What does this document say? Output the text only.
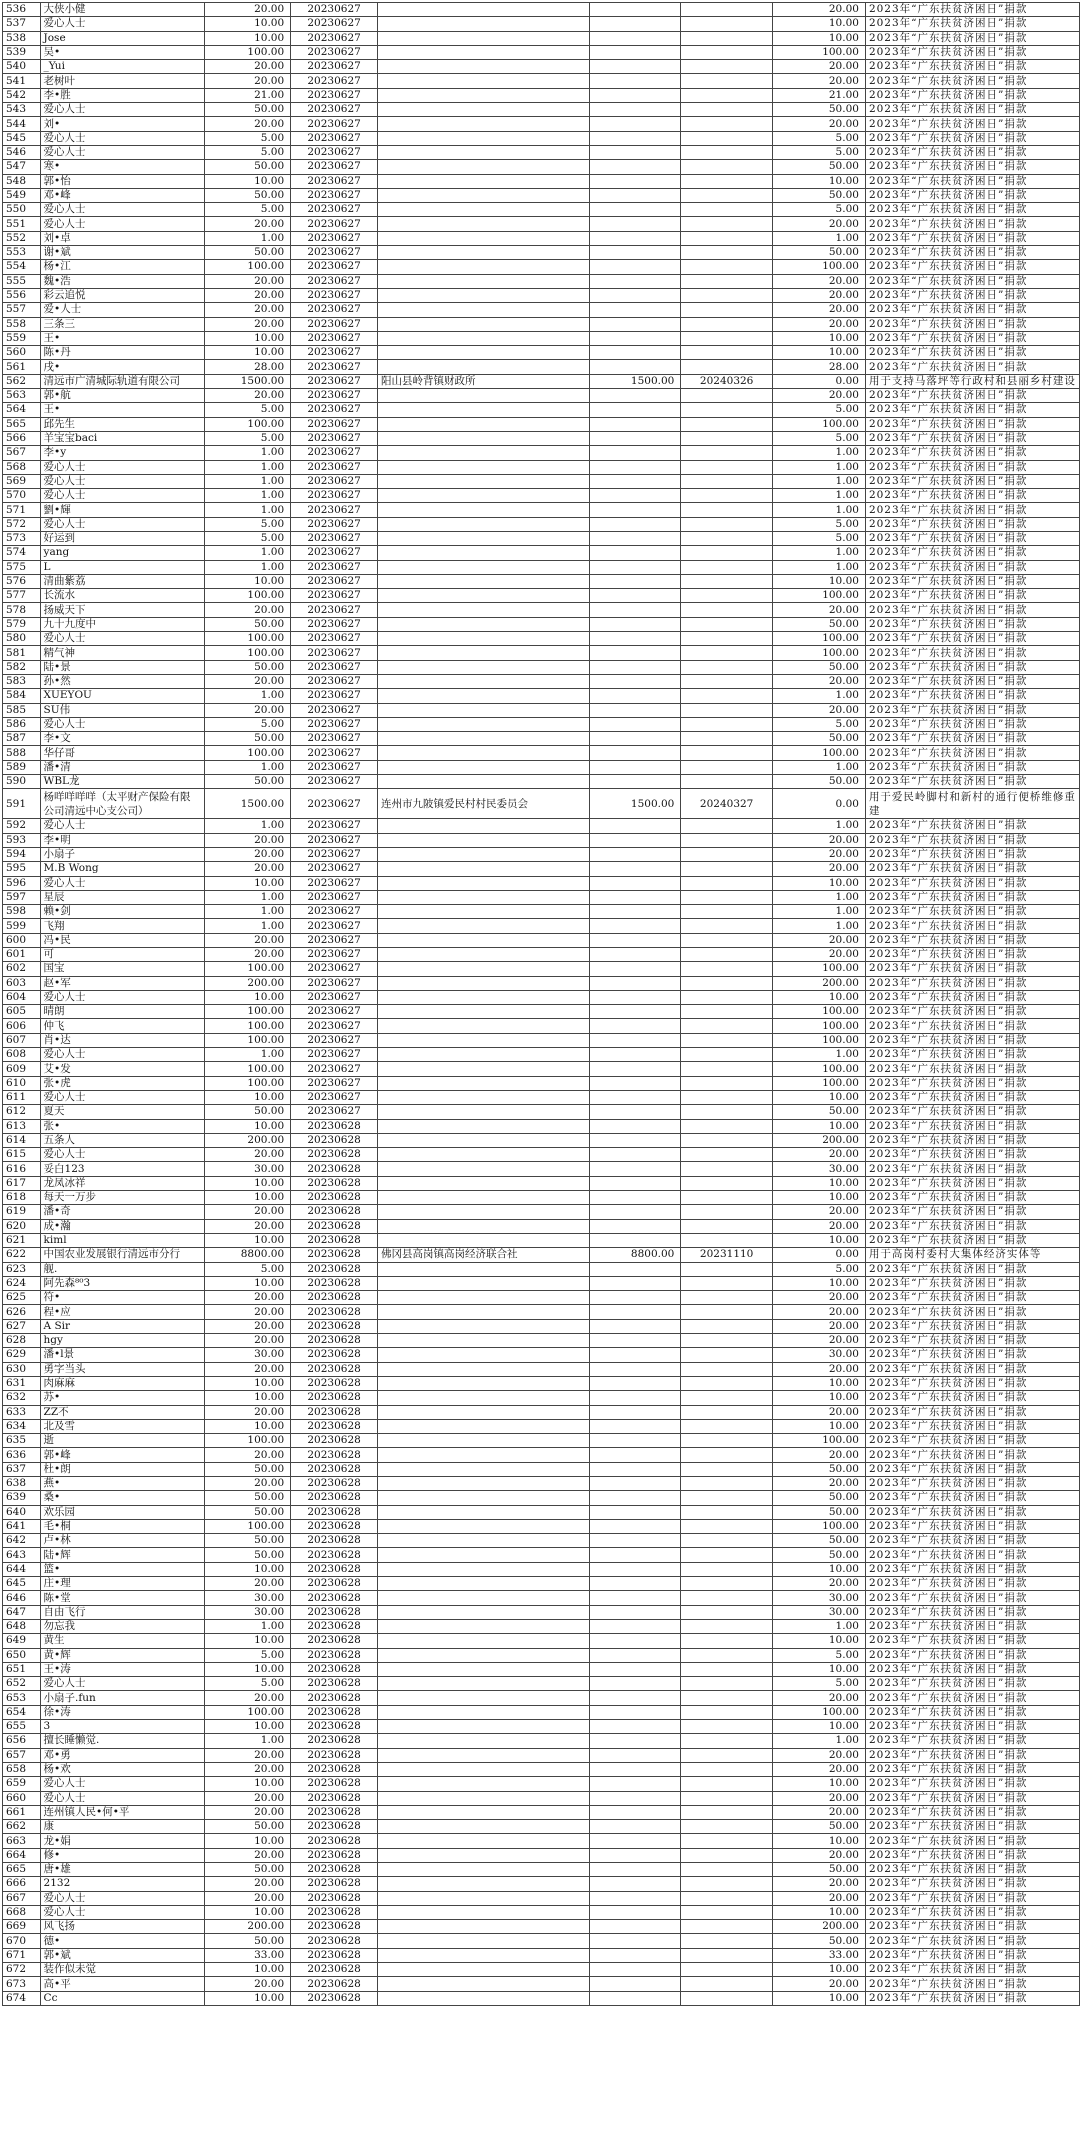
536	大侠小健	20.00	20230627				20.00	2023年“广东扶贫济困日”捐款
537	爱心人士	10.00	20230627				10.00	2023年“广东扶贫济困日”捐款
538	Jose	10.00	20230627				10.00	2023年“广东扶贫济困日”捐款
539	吴•	100.00	20230627				100.00	2023年“广东扶贫济困日”捐款
540	_Yui	20.00	20230627				20.00	2023年“广东扶贫济困日”捐款
541	老树叶	20.00	20230627				20.00	2023年“广东扶贫济困日”捐款
542	李•胜	21.00	20230627				21.00	2023年“广东扶贫济困日”捐款
543	爱心人士	50.00	20230627				50.00	2023年“广东扶贫济困日”捐款
544	刘•	20.00	20230627				20.00	2023年“广东扶贫济困日”捐款
545	爱心人士	5.00	20230627				5.00	2023年“广东扶贫济困日”捐款
546	爱心人士	5.00	20230627				5.00	2023年“广东扶贫济困日”捐款
547	寒•	50.00	20230627				50.00	2023年“广东扶贫济困日”捐款
548	郭•怡	10.00	20230627				10.00	2023年“广东扶贫济困日”捐款
549	邓•峰	50.00	20230627				50.00	2023年“广东扶贫济困日”捐款
550	爱心人士	5.00	20230627				5.00	2023年“广东扶贫济困日”捐款
551	爱心人士	20.00	20230627				20.00	2023年“广东扶贫济困日”捐款
552	刘•卓	1.00	20230627				1.00	2023年“广东扶贫济困日”捐款
553	谢•斌	50.00	20230627				50.00	2023年“广东扶贫济困日”捐款
554	杨•江	100.00	20230627				100.00	2023年“广东扶贫济困日”捐款
555	魏•浩	20.00	20230627				20.00	2023年“广东扶贫济困日”捐款
556	彩云追悦	20.00	20230627				20.00	2023年“广东扶贫济困日”捐款
557	爱•人士	20.00	20230627				20.00	2023年“广东扶贫济困日”捐款
558	三条三	20.00	20230627				20.00	2023年“广东扶贫济困日”捐款
559	王•	10.00	20230627				10.00	2023年“广东扶贫济困日”捐款
560	陈•丹	10.00	20230627				10.00	2023年“广东扶贫济困日”捐款
561	戌•	28.00	20230627				28.00	2023年“广东扶贫济困日”捐款
562	清远市广清城际轨道有限公司	1500.00	20230627	阳山县岭背镇财政所	1500.00	20240326	0.00	用于支持马落坪等行政村和县丽乡村建设
563	郭•航	20.00	20230627				20.00	2023年“广东扶贫济困日”捐款
564	王•	5.00	20230627				5.00	2023年“广东扶贫济困日”捐款
565	邱先生	100.00	20230627				100.00	2023年“广东扶贫济困日”捐款
566	羊宝宝baci	5.00	20230627				5.00	2023年“广东扶贫济困日”捐款
567	李•y	1.00	20230627				1.00	2023年“广东扶贫济困日”捐款
568	爱心人士	1.00	20230627				1.00	2023年“广东扶贫济困日”捐款
569	爱心人士	1.00	20230627				1.00	2023年“广东扶贫济困日”捐款
570	爱心人士	1.00	20230627				1.00	2023年“广东扶贫济困日”捐款
571	劉•輝	1.00	20230627				1.00	2023年“广东扶贫济困日”捐款
572	爱心人士	5.00	20230627				5.00	2023年“广东扶贫济困日”捐款
573	好运到	5.00	20230627				5.00	2023年“广东扶贫济困日”捐款
574	yang	1.00	20230627				1.00	2023年“广东扶贫济困日”捐款
575	L	1.00	20230627				1.00	2023年“广东扶贫济困日”捐款
576	清曲紫荔	10.00	20230627				10.00	2023年“广东扶贫济困日”捐款
577	长流水	100.00	20230627				100.00	2023年“广东扶贫济困日”捐款
578	扬威天下	20.00	20230627				20.00	2023年“广东扶贫济困日”捐款
579	九十九度中	50.00	20230627				50.00	2023年“广东扶贫济困日”捐款
580	爱心人士	100.00	20230627				100.00	2023年“广东扶贫济困日”捐款
581	精气神	100.00	20230627				100.00	2023年“广东扶贫济困日”捐款
582	陆•景	50.00	20230627				50.00	2023年“广东扶贫济困日”捐款
583	孙•然	20.00	20230627				20.00	2023年“广东扶贫济困日”捐款
584	XUEYOU	1.00	20230627				1.00	2023年“广东扶贫济困日”捐款
585	SU伟	20.00	20230627				20.00	2023年“广东扶贫济困日”捐款
586	爱心人士	5.00	20230627				5.00	2023年“广东扶贫济困日”捐款
587	李•文	50.00	20230627				50.00	2023年“广东扶贫济困日”捐款
588	华仔哥	100.00	20230627				100.00	2023年“广东扶贫济困日”捐款
589	潘•清	1.00	20230627				1.00	2023年“广东扶贫济困日”捐款
590	WBL龙	50.00	20230627				50.00	2023年“广东扶贫济困日”捐款
591	杨咩咩咩咩（太平财产保险有限公司清远中心支公司）	1500.00	20230627	连州市九陂镇爱民村村民委员会	1500.00	20240327	0.00	用于爱民岭脚村和新村的通行便桥维修重建
592	爱心人士	1.00	20230627				1.00	2023年“广东扶贫济困日”捐款
593	李•明	20.00	20230627				20.00	2023年“广东扶贫济困日”捐款
594	小扇子	20.00	20230627				20.00	2023年“广东扶贫济困日”捐款
595	M.B Wong	20.00	20230627				20.00	2023年“广东扶贫济困日”捐款
596	爱心人士	10.00	20230627				10.00	2023年“广东扶贫济困日”捐款
597	星辰	1.00	20230627				1.00	2023年“广东扶贫济困日”捐款
598	赖•剑	1.00	20230627				1.00	2023年“广东扶贫济困日”捐款
599	飞翔	1.00	20230627				1.00	2023年“广东扶贫济困日”捐款
600	冯•民	20.00	20230627				20.00	2023年“广东扶贫济困日”捐款
601	可	20.00	20230627				20.00	2023年“广东扶贫济困日”捐款
602	国宝	100.00	20230627				100.00	2023年“广东扶贫济困日”捐款
603	赵•军	200.00	20230627				200.00	2023年“广东扶贫济困日”捐款
604	爱心人士	10.00	20230627				10.00	2023年“广东扶贫济困日”捐款
605	晴朗	100.00	20230627				100.00	2023年“广东扶贫济困日”捐款
606	仲飞	100.00	20230627				100.00	2023年“广东扶贫济困日”捐款
607	肖•达	100.00	20230627				100.00	2023年“广东扶贫济困日”捐款
608	爱心人士	1.00	20230627				1.00	2023年“广东扶贫济困日”捐款
609	艾•发	100.00	20230627				100.00	2023年“广东扶贫济困日”捐款
610	张•虎	100.00	20230627				100.00	2023年“广东扶贫济困日”捐款
611	爱心人士	10.00	20230627				10.00	2023年“广东扶贫济困日”捐款
612	夏天	50.00	20230627				50.00	2023年“广东扶贫济困日”捐款
613	张•	10.00	20230628				10.00	2023年“广东扶贫济困日”捐款
614	五条人	200.00	20230628				200.00	2023年“广东扶贫济困日”捐款
615	爱心人士	20.00	20230628				20.00	2023年“广东扶贫济困日”捐款
616	妥白123	30.00	20230628				30.00	2023年“广东扶贫济困日”捐款
617	龙凤冰祥	10.00	20230628				10.00	2023年“广东扶贫济困日”捐款
618	每天一万步	10.00	20230628				10.00	2023年“广东扶贫济困日”捐款
619	潘•奇	20.00	20230628				20.00	2023年“广东扶贫济困日”捐款
620	成•瀚	20.00	20230628				20.00	2023年“广东扶贫济困日”捐款
621	kiml	10.00	20230628				10.00	2023年“广东扶贫济困日”捐款
622	中国农业发展银行清远市分行	8800.00	20230628	佛冈县高岗镇高岗经济联合社	8800.00	20231110	0.00	用于高岗村委村大集体经济实体等
623	舰.	5.00	20230628				5.00	2023年“广东扶贫济困日”捐款
624	阿先森⁸⁰3	10.00	20230628				10.00	2023年“广东扶贫济困日”捐款
625	符•	20.00	20230628				20.00	2023年“广东扶贫济困日”捐款
626	程•应	20.00	20230628				20.00	2023年“广东扶贫济困日”捐款
627	A Sir	20.00	20230628				20.00	2023年“广东扶贫济困日”捐款
628	hgy	20.00	20230628				20.00	2023年“广东扶贫济困日”捐款
629	潘•l景	30.00	20230628				30.00	2023年“广东扶贫济困日”捐款
630	勇字当头	20.00	20230628				20.00	2023年“广东扶贫济困日”捐款
631	肉麻麻	10.00	20230628				10.00	2023年“广东扶贫济困日”捐款
632	苏•	10.00	20230628				10.00	2023年“广东扶贫济困日”捐款
633	ZZ不	20.00	20230628				20.00	2023年“广东扶贫济困日”捐款
634	北及雪	10.00	20230628				10.00	2023年“广东扶贫济困日”捐款
635	逝	100.00	20230628				100.00	2023年“广东扶贫济困日”捐款
636	郭•峰	20.00	20230628				20.00	2023年“广东扶贫济困日”捐款
637	杜•朗	50.00	20230628				50.00	2023年“广东扶贫济困日”捐款
638	燕•	20.00	20230628				20.00	2023年“广东扶贫济困日”捐款
639	桑•	50.00	20230628				50.00	2023年“广东扶贫济困日”捐款
640	欢乐园	50.00	20230628				50.00	2023年“广东扶贫济困日”捐款
641	毛•桐	100.00	20230628				100.00	2023年“广东扶贫济困日”捐款
642	卢•林	50.00	20230628				50.00	2023年“广东扶贫济困日”捐款
643	陆•辉	50.00	20230628				50.00	2023年“广东扶贫济困日”捐款
644	篮•	10.00	20230628				10.00	2023年“广东扶贫济困日”捐款
645	庄•理	20.00	20230628				20.00	2023年“广东扶贫济困日”捐款
646	陈•堂	30.00	20230628				30.00	2023年“广东扶贫济困日”捐款
647	自由飞行	30.00	20230628				30.00	2023年“广东扶贫济困日”捐款
648	勿忘我	1.00	20230628				1.00	2023年“广东扶贫济困日”捐款
649	黄生	10.00	20230628				10.00	2023年“广东扶贫济困日”捐款
650	黄•辉	5.00	20230628				5.00	2023年“广东扶贫济困日”捐款
651	王•涛	10.00	20230628				10.00	2023年“广东扶贫济困日”捐款
652	爱心人士	5.00	20230628				5.00	2023年“广东扶贫济困日”捐款
653	小扇子.fun	20.00	20230628				20.00	2023年“广东扶贫济困日”捐款
654	徐•涛	100.00	20230628				100.00	2023年“广东扶贫济困日”捐款
655	3	10.00	20230628				10.00	2023年“广东扶贫济困日”捐款
656	擅长睡懒觉.	1.00	20230628				1.00	2023年“广东扶贫济困日”捐款
657	邓•勇	20.00	20230628				20.00	2023年“广东扶贫济困日”捐款
658	杨•欢	20.00	20230628				20.00	2023年“广东扶贫济困日”捐款
659	爱心人士	10.00	20230628				10.00	2023年“广东扶贫济困日”捐款
660	爱心人士	20.00	20230628				20.00	2023年“广东扶贫济困日”捐款
661	连州镇人民•何•平	20.00	20230628				20.00	2023年“广东扶贫济困日”捐款
662	康	50.00	20230628				50.00	2023年“广东扶贫济困日”捐款
663	龙•娟	10.00	20230628				10.00	2023年“广东扶贫济困日”捐款
664	修•	20.00	20230628				20.00	2023年“广东扶贫济困日”捐款
665	唐•雄	50.00	20230628				50.00	2023年“广东扶贫济困日”捐款
666	2132	20.00	20230628				20.00	2023年“广东扶贫济困日”捐款
667	爱心人士	20.00	20230628				20.00	2023年“广东扶贫济困日”捐款
668	爱心人士	10.00	20230628				10.00	2023年“广东扶贫济困日”捐款
669	风飞扬	200.00	20230628				200.00	2023年“广东扶贫济困日”捐款
670	德•	50.00	20230628				50.00	2023年“广东扶贫济困日”捐款
671	郭•斌	33.00	20230628				33.00	2023年“广东扶贫济困日”捐款
672	装作似未觉	10.00	20230628				10.00	2023年“广东扶贫济困日”捐款
673	高•平	20.00	20230628				20.00	2023年“广东扶贫济困日”捐款
674	Cc	10.00	20230628				10.00	2023年“广东扶贫济困日”捐款
